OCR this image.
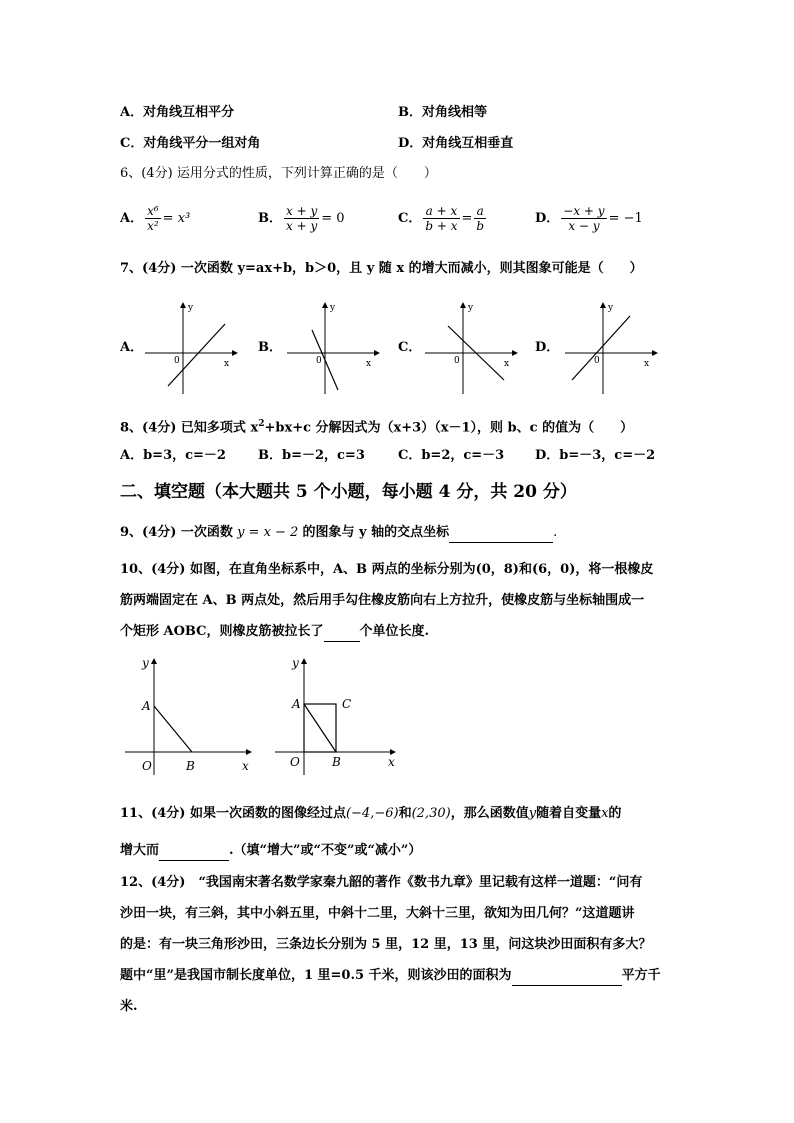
A．对角线互相平分	B．对角线相等
C．对角线平分一组对角	D．对角线互相垂直
6、(4分) 运用分式的性质，下列计算正确的是（　　）
A． $\frac{\text{x⁶}}{\text{x²}} = x^3$	B． $\frac{x + y}{x + y} = 0$	C． $\frac{a + x}{b + x} = \frac{a}{b}$	D． $\frac{-x + y}{x - y} = -1$
7、(4分) 一次函数 y=ax+b，b＞0，且 y 随 x 的增大而减小，则其图象可能是（　　）
A．
y
x
0
B．
y
x
0
C．
y
x
0
D．
y
x
0
8、(4分) 已知多项式 $x^2+bx+c$ 分解因式为（x+3）（x－1），则 b、c 的值为（　　）
A．b=3，c=－2 B．b=－2，c=3	C．b=2，c=－3 D．b=－3，c=－2
二、填空题（本大题共 5 个小题，每小题 4 分，共 20 分）
9、(4分) 一次函数 y = x − 2 的图象与 y 轴的交点坐标	.
10、(4分) 如图，在直角坐标系中，A、B 两点的坐标分别为(0，8)和(6，0)，将一根橡皮
筋两端固定在 A、B 两点处，然后用手勾住橡皮筋向右上方拉升，使橡皮筋与坐标轴围成一
个矩形 AOBC，则橡皮筋被拉长了	个单位长度.
y
x
A
O	B
y
x
A	C
O	B
11、(4分) 如果一次函数的图像经过点(−4,−6)和(2,30)，那么函数值y随着自变量x的
增大而	.（填“增大”或“不变”或“减小”）
12、(4分)　“我国南宋著名数学家秦九韶的著作《数书九章》里记载有这样一道题：“问有
沙田一块，有三斜，其中小斜五里，中斜十二里，大斜十三里，欲知为田几何？”这道题讲
的是：有一块三角形沙田，三条边长分别为 5 里，12 里，13 里，问这块沙田面积有多大？
题中“里”是我国市制长度单位，1 里=0.5 千米，则该沙田的面积为	平方千
米.
